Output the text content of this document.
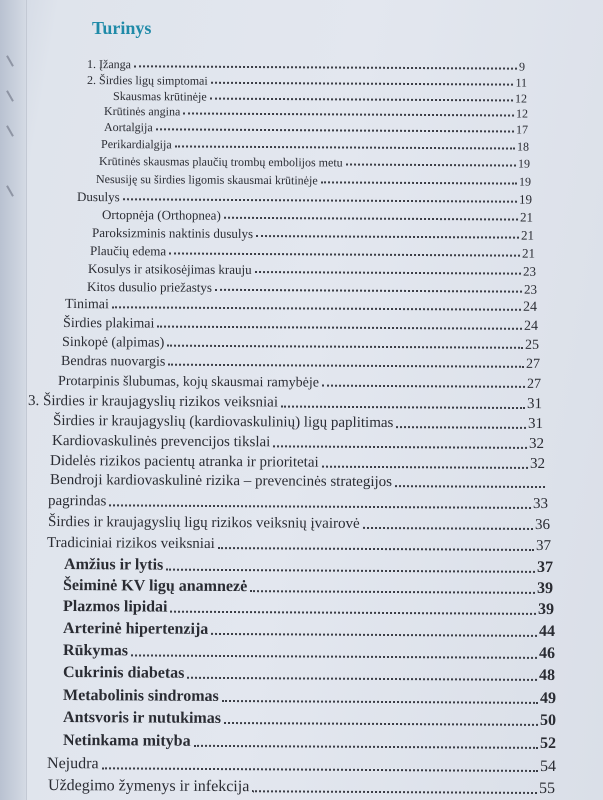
Turinys
1. Įžanga	9
2. Širdies ligų simptomai	11
Skausmas krūtinėje	12
Krūtinės angina	12
Aortalgija	17
Perikardialgija	18
Krūtinės skausmas plaučių trombų embolijos metu	19
Nesusiję su širdies ligomis skausmai krūtinėje	19
Dusulys	19
Ortopnėja (Orthopnea)	21
Paroksizminis naktinis dusulys	21
Plaučių edema	21
Kosulys ir atsikosėjimas krauju	23
Kitos dusulio priežastys	23
Tinimai	24
Širdies plakimai	24
Sinkopė (alpimas)	25
Bendras nuovargis	27
Protarpinis šlubumas, kojų skausmai ramybėje	27
3. Širdies ir kraujagyslių rizikos veiksniai	31
Širdies ir kraujagyslių (kardiovaskulinių) ligų paplitimas	31
Kardiovaskulinės prevencijos tikslai	32
Didelės rizikos pacientų atranka ir prioritetai	32
Bendroji kardiovaskulinė rizika – prevencinės strategijos
pagrindas	33
Širdies ir kraujagyslių ligų rizikos veiksnių įvairovė	36
Tradiciniai rizikos veiksniai	37
Amžius ir lytis	37
Šeiminė KV ligų anamnezė	39
Plazmos lipidai	39
Arterinė hipertenzija	44
Rūkymas	46
Cukrinis diabetas	48
Metabolinis sindromas	49
Antsvoris ir nutukimas	50
Netinkama mityba	52
Nejudra	54
Uždegimo žymenys ir infekcija	55
